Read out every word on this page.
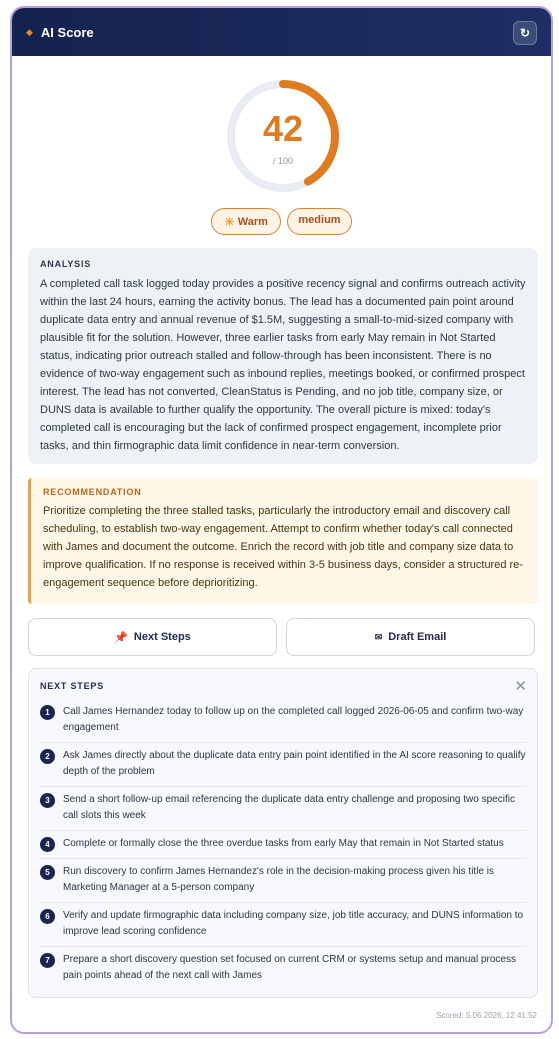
◆ AI Score	↻
42
/ 100
☀ Warm	medium
ANALYSIS
A completed call task logged today provides a positive recency signal and confirms outreach activity within the last 24 hours, earning the activity bonus. The lead has a documented pain point around duplicate data entry and annual revenue of $1.5M, suggesting a small-to-mid-sized company with plausible fit for the solution. However, three earlier tasks from early May remain in Not Started status, indicating prior outreach stalled and follow-through has been inconsistent. There is no evidence of two-way engagement such as inbound replies, meetings booked, or confirmed prospect interest. The lead has not converted, CleanStatus is Pending, and no job title, company size, or DUNS data is available to further qualify the opportunity. The overall picture is mixed: today's completed call is encouraging but the lack of confirmed prospect engagement, incomplete prior tasks, and thin firmographic data limit confidence in near-term conversion.
RECOMMENDATION
Prioritize completing the three stalled tasks, particularly the introductory email and discovery call scheduling, to establish two-way engagement. Attempt to confirm whether today's call connected with James and document the outcome. Enrich the record with job title and company size data to improve qualification. If no response is received within 3-5 business days, consider a structured re-engagement sequence before deprioritizing.
📌 Next Steps	✉ Draft Email
NEXT STEPS	✕
1	Call James Hernandez today to follow up on the completed call logged 2026-06-05 and confirm two-way engagement
2	Ask James directly about the duplicate data entry pain point identified in the AI score reasoning to qualify depth of the problem
3	Send a short follow-up email referencing the duplicate data entry challenge and proposing two specific call slots this week
4	Complete or formally close the three overdue tasks from early May that remain in Not Started status
5	Run discovery to confirm James Hernandez's role in the decision-making process given his title is Marketing Manager at a 5-person company
6	Verify and update firmographic data including company size, job title accuracy, and DUNS information to improve lead scoring confidence
7	Prepare a short discovery question set focused on current CRM or systems setup and manual process pain points ahead of the next call with James
Scored: 5.06.2026, 12:41:52
